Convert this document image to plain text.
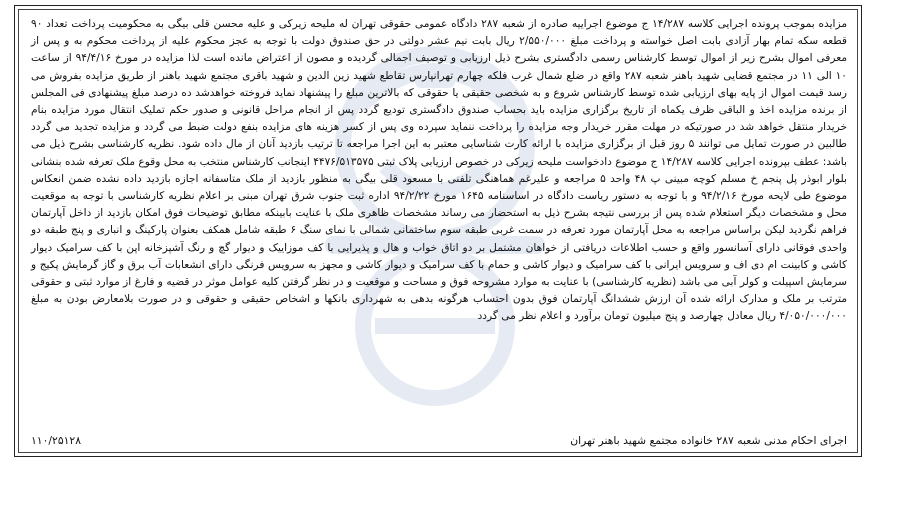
مزایده بموجب پرونده اجرایی کلاسه ۱۴/۲۸۷ ج موضوع اجراییه صادره از شعبه ۲۸۷ دادگاه عمومی حقوقی تهران له ملیحه زیرکی و علیه محسن قلی بیگی به محکومیت پرداخت تعداد ۹۰ قطعه سکه تمام بهار آزادی بابت اصل خواسته و پرداخت مبلغ ۲/۵۵۰/۰۰۰ ریال بابت نیم عشر دولتی در حق صندوق دولت با توجه به عجز محکوم علیه از پرداخت محکوم به و پس از معرفی اموال بشرح زیر از اموال توسط کارشناس رسمی دادگستری بشرح ذیل ارزیابی و توصیف اجمالی گردیده و مصون از اعتراض مانده است لذا مزایده در مورخ ۹۴/۴/۱۶ از ساعت ۱۰ الی ۱۱ در مجتمع قضایی شهید باهنر شعبه ۲۸۷ واقع در ضلع شمال غرب فلکه چهارم تهرانپارس تقاطع شهید زین الدین و شهید باقری مجتمع شهید باهنر از طریق مزایده بفروش می رسد قیمت اموال از پایه بهای ارزیابی شده توسط کارشناس شروع و به شخصی حقیقی یا حقوقی که بالاترین مبلغ را پیشنهاد نماید فروخته خواهدشد ده درصد مبلغ پیشنهادی فی المجلس از برنده مزایده اخذ و الباقی ظرف یکماه از تاریخ برگزاری مزایده باید بحساب صندوق دادگستری تودیع گردد پس از انجام مراحل قانونی و صدور حکم تملیک انتقال مورد مزایده بنام خریدار منتقل خواهد شد در صورتیکه در مهلت مقرر خریدار وجه مزایده را پرداخت ننماید سپرده وی پس از کسر هزینه های مزایده بنفع دولت ضبط می گردد و مزایده تجدید می گردد طالبین در صورت تمایل می توانند ۵ روز قبل از برگزاری مزایده با ارائه کارت شناسایی معتبر به این اجرا مراجعه تا ترتیب بازدید آنان از مال داده شود. نظریه کارشناسی بشرح ذیل می باشد: عطف بپرونده اجرایی کلاسه ۱۴/۲۸۷ ج موضوع دادخواست ملیحه زیرکی در خصوص ارزیابی پلاک ثبتی ۴۴۷۶/۵۱۳۵۷۵ اینجانب کارشناس منتخب به محل وقوع ملک تعرفه شده بنشانی بلوار ابوذر پل پنجم خ مسلم کوچه مبینی پ ۴۸ واحد ۵ مراجعه و علیرغم هماهنگی تلفنی با مسعود قلی بیگی به منظور بازدید از ملک متاسفانه اجازه بازدید داده نشده ضمن انعکاس موضوع طی لایحه مورخ ۹۴/۲/۱۶ و با توجه به دستور ریاست دادگاه در اساسنامه ۱۶۴۵ مورخ ۹۴/۲/۲۲ اداره ثبت جنوب شرق تهران مبنی بر اعلام نظریه کارشناسی با توجه به موقعیت محل و مشخصات دیگر استعلام شده پس از بررسی نتیجه بشرح ذیل به استحضار می رساند مشخصات ظاهری ملک با عنایت بابینکه مطابق توضیحات فوق امکان بازدید از داخل آپارتمان فراهم نگردید لیکن براساس مراجعه به محل آپارتمان مورد تعرفه در سمت غربی طبقه سوم ساختمانی شمالی با نمای سنگ ۶ طبقه شامل همکف بعنوان پارکینگ و انباری و پنج طبقه دو واحدی فوقانی دارای آسانسور واقع و حسب اطلاعات دریافتی از خواهان مشتمل بر دو اتاق خواب و هال و پذیرایی با کف موزاییک و دیوار گچ و رنگ آشپزخانه اپن با کف سرامیک دیوار کاشی و کابینت ام دی اف و سرویس ایرانی با کف سرامیک و دیوار کاشی و حمام با کف سرامیک و دیوار کاشی و مجهز به سرویس فرنگی دارای انشعابات آب برق و گاز گرمایش پکیج و سرمایش اسپیلت و کولر آبی می باشد (نظریه کارشناسی) با عنایت به موارد مشروحه فوق و مساحت و موقعیت و در نظر گرفتن کلیه عوامل موثر در قضیه و فارغ از موارد ثبتی و حقوقی مترتب بر ملک و مدارک ارائه شده آن ارزش ششدانگ آپارتمان فوق بدون احتساب هرگونه بدهی به شهرداری بانکها و اشخاص حقیقی و حقوقی و در صورت بلامعارض بودن به مبلغ ۴/۰۵۰/۰۰۰/۰۰۰ ریال معادل چهارصد و پنج میلیون تومان برآورد و اعلام نظر می گردد

اجرای احکام مدنی شعبه ۲۸۷ خانواده مجتمع شهید باهنر تهران
۱۱۰/۲۵۱۲۸
